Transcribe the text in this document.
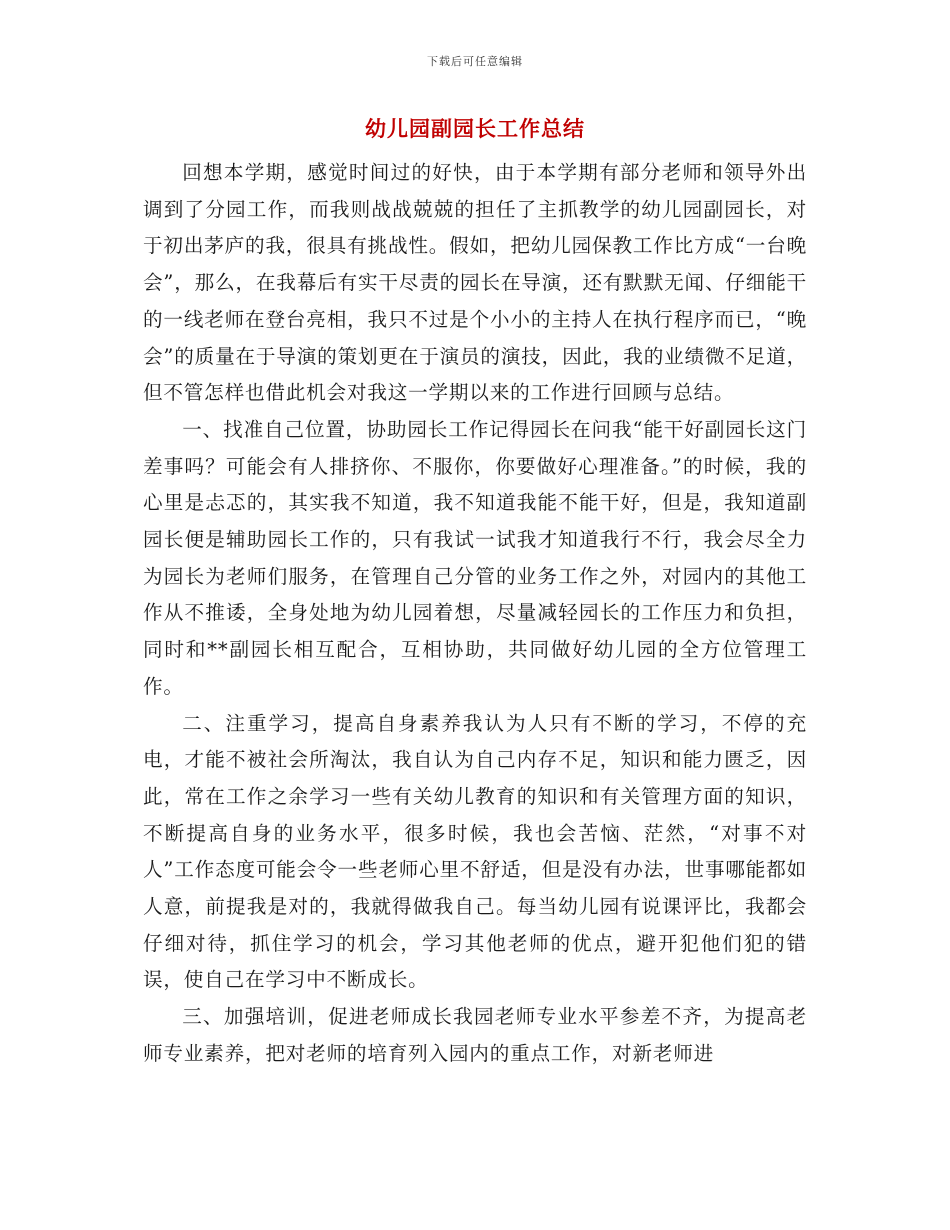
下载后可任意编辑
幼儿园副园长工作总结

回想本学期，感觉时间过的好快，由于本学期有部分老师和领导外出调到了分园工作，而我则战战兢兢的担任了主抓教学的幼儿园副园长，对于初出茅庐的我，很具有挑战性。假如，把幼儿园保教工作比方成“一台晚会”，那么，在我幕后有实干尽责的园长在导演，还有默默无闻、仔细能干的一线老师在登台亮相，我只不过是个小小的主持人在执行程序而已，“晚会”的质量在于导演的策划更在于演员的演技，因此，我的业绩微不足道，但不管怎样也借此机会对我这一学期以来的工作进行回顾与总结。

一、找准自己位置，协助园长工作记得园长在问我“能干好副园长这门差事吗？可能会有人排挤你、不服你，你要做好心理准备。”的时候，我的心里是忐忑的，其实我不知道，我不知道我能不能干好，但是，我知道副园长便是辅助园长工作的，只有我试一试我才知道我行不行，我会尽全力为园长为老师们服务，在管理自己分管的业务工作之外，对园内的其他工作从不推诿，全身处地为幼儿园着想，尽量减轻园长的工作压力和负担，同时和**副园长相互配合，互相协助，共同做好幼儿园的全方位管理工作。

二、注重学习，提高自身素养我认为人只有不断的学习，不停的充电，才能不被社会所淘汰，我自认为自己内存不足，知识和能力匮乏，因此，常在工作之余学习一些有关幼儿教育的知识和有关管理方面的知识，不断提高自身的业务水平，很多时候，我也会苦恼、茫然，“对事不对人”工作态度可能会令一些老师心里不舒适，但是没有办法，世事哪能都如人意，前提我是对的，我就得做我自己。每当幼儿园有说课评比，我都会仔细对待，抓住学习的机会，学习其他老师的优点，避开犯他们犯的错误，使自己在学习中不断成长。

三、加强培训，促进老师成长我园老师专业水平参差不齐，为提高老师专业素养，把对老师的培育列入园内的重点工作，对新老师进
